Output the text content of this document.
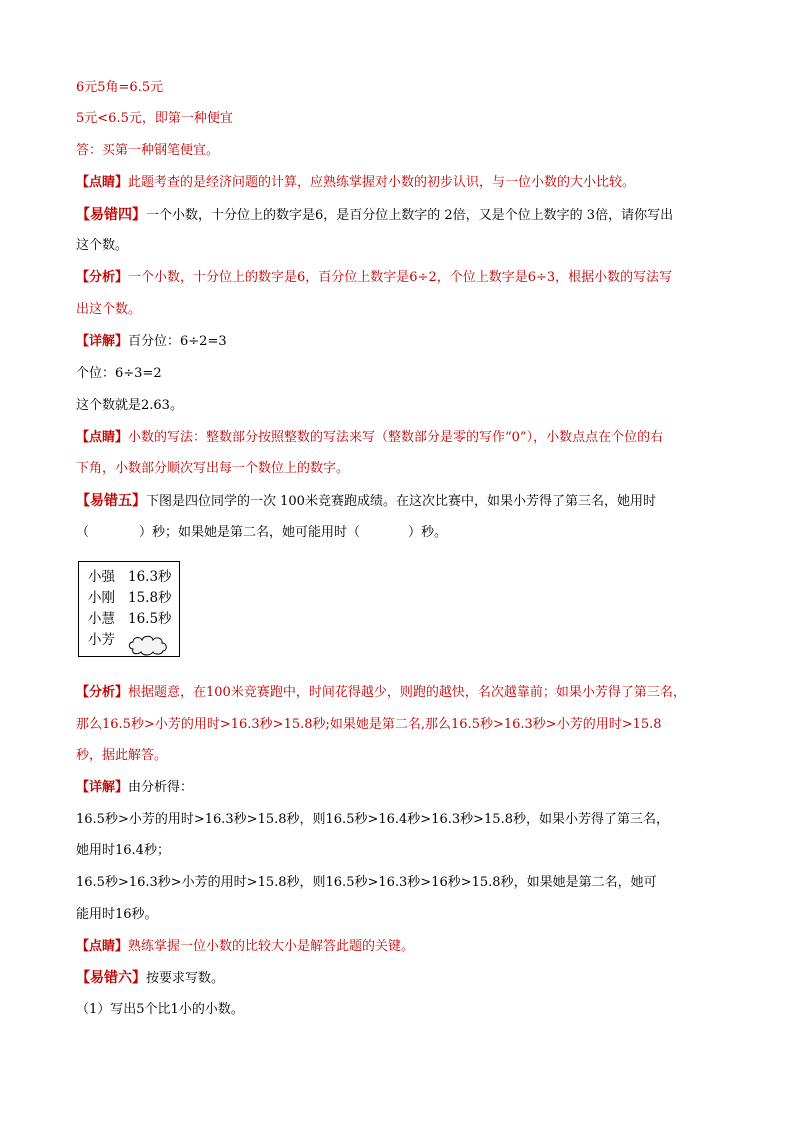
6元5角=6.5元
5元<6.5元，即第一种便宜
答：买第一种钢笔便宜。
【点睛】此题考查的是经济问题的计算，应熟练掌握对小数的初步认识，与一位小数的大小比较。
【易错四】一个小数，十分位上的数字是6，是百分位上数字的 2倍，又是个位上数字的 3倍，请你写出
这个数。
【分析】一个小数，十分位上的数字是6，百分位上数字是6÷2，个位上数字是6÷3，根据小数的写法写
出这个数。
【详解】百分位：6÷2=3
个位：6÷3=2
这个数就是2.63。
【点睛】小数的写法：整数部分按照整数的写法来写（整数部分是零的写作“0”），小数点点在个位的右
下角，小数部分顺次写出每一个数位上的数字。
【易错五】下图是四位同学的一次 100米竞赛跑成绩。在这次比赛中，如果小芳得了第三名，她用时
（	）秒；如果她是第二名，她可能用时（	）秒。
小强 16.3秒
小刚 15.8秒
小慧 16.5秒
小芳
【分析】根据题意，在100米竞赛跑中，时间花得越少，则跑的越快，名次越靠前；如果小芳得了第三名，
那么16.5秒>小芳的用时>16.3秒>15.8秒;如果她是第二名,那么16.5秒>16.3秒>小芳的用时>15.8
秒，据此解答。
【详解】由分析得：
16.5秒>小芳的用时>16.3秒>15.8秒，则16.5秒>16.4秒>16.3秒>15.8秒，如果小芳得了第三名，
她用时16.4秒；
16.5秒>16.3秒>小芳的用时>15.8秒，则16.5秒>16.3秒>16秒>15.8秒，如果她是第二名，她可
能用时16秒。
【点睛】熟练掌握一位小数的比较大小是解答此题的关键。
【易错六】按要求写数。
（1）写出5个比1小的小数。
